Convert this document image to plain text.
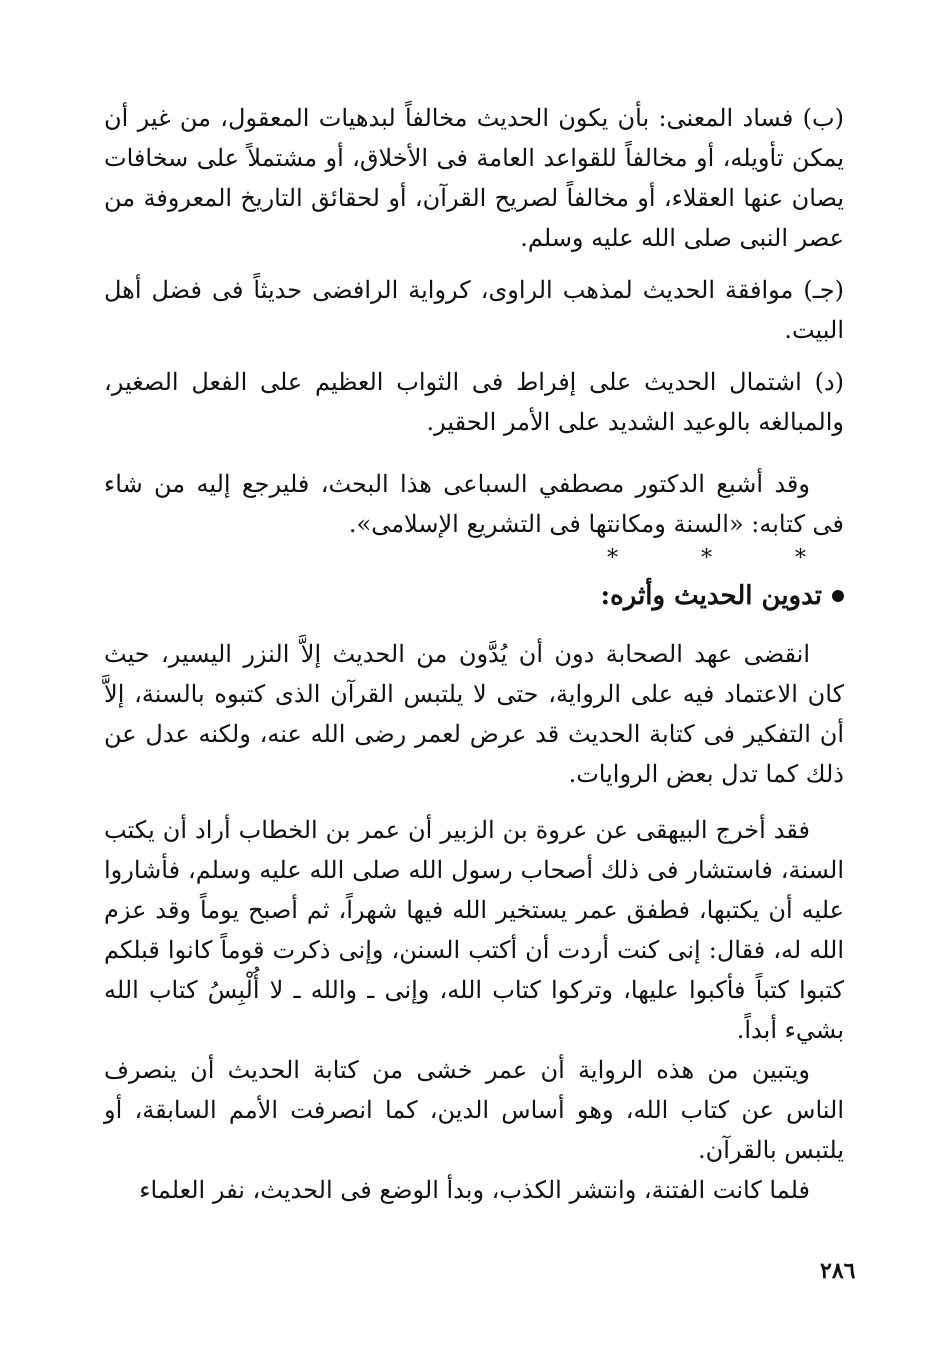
(ب) فساد المعنى: بأن يكون الحديث مخالفاً لبدهيات المعقول، من غير أن يمكن تأويله، أو مخالفاً للقواعد العامة فى الأخلاق، أو مشتملاً على سخافات يصان عنها العقلاء، أو مخالفاً لصريح القرآن، أو لحقائق التاريخ المعروفة من عصر النبى صلى الله عليه وسلم.

(جـ) موافقة الحديث لمذهب الراوى، كرواية الرافضى حديثاً فى فضل أهل البيت.

(د) اشتمال الحديث على إفراط فى الثواب العظيم على الفعل الصغير، والمبالغه بالوعيد الشديد على الأمر الحقير.

وقد أشبع الدكتور مصطفي السباعى هذا البحث، فليرجع إليه من شاء فى كتابه: «السنة ومكانتها فى التشريع الإسلامى».

* * *
تدوين الحديث وأثره:

انقضى عهد الصحابة دون أن يُدَّون من الحديث إلاَّ النزر اليسير، حيث كان الاعتماد فيه على الرواية، حتى لا يلتبس القرآن الذى كتبوه بالسنة، إلاَّ أن التفكير فى كتابة الحديث قد عرض لعمر رضى الله عنه، ولكنه عدل عن ذلك كما تدل بعض الروايات.

فقد أخرج البيهقى عن عروة بن الزبير أن عمر بن الخطاب أراد أن يكتب السنة، فاستشار فى ذلك أصحاب رسول الله صلى الله عليه وسلم، فأشاروا عليه أن يكتبها، فطفق عمر يستخير الله فيها شهراً، ثم أصبح يوماً وقد عزم الله له، فقال: إنى كنت أردت أن أكتب السنن، وإنى ذكرت قوماً كانوا قبلكم كتبوا كتباً فأكبوا عليها، وتركوا كتاب الله، وإنى ـ والله ـ لا أُلْبِسُ كتاب الله بشيء أبداً.

ويتبين من هذه الرواية أن عمر خشى من كتابة الحديث أن ينصرف الناس عن كتاب الله، وهو أساس الدين، كما انصرفت الأمم السابقة، أو يلتبس بالقرآن.

فلما كانت الفتنة، وانتشر الكذب، وبدأ الوضع فى الحديث، نفر العلماء

٢٨٦
